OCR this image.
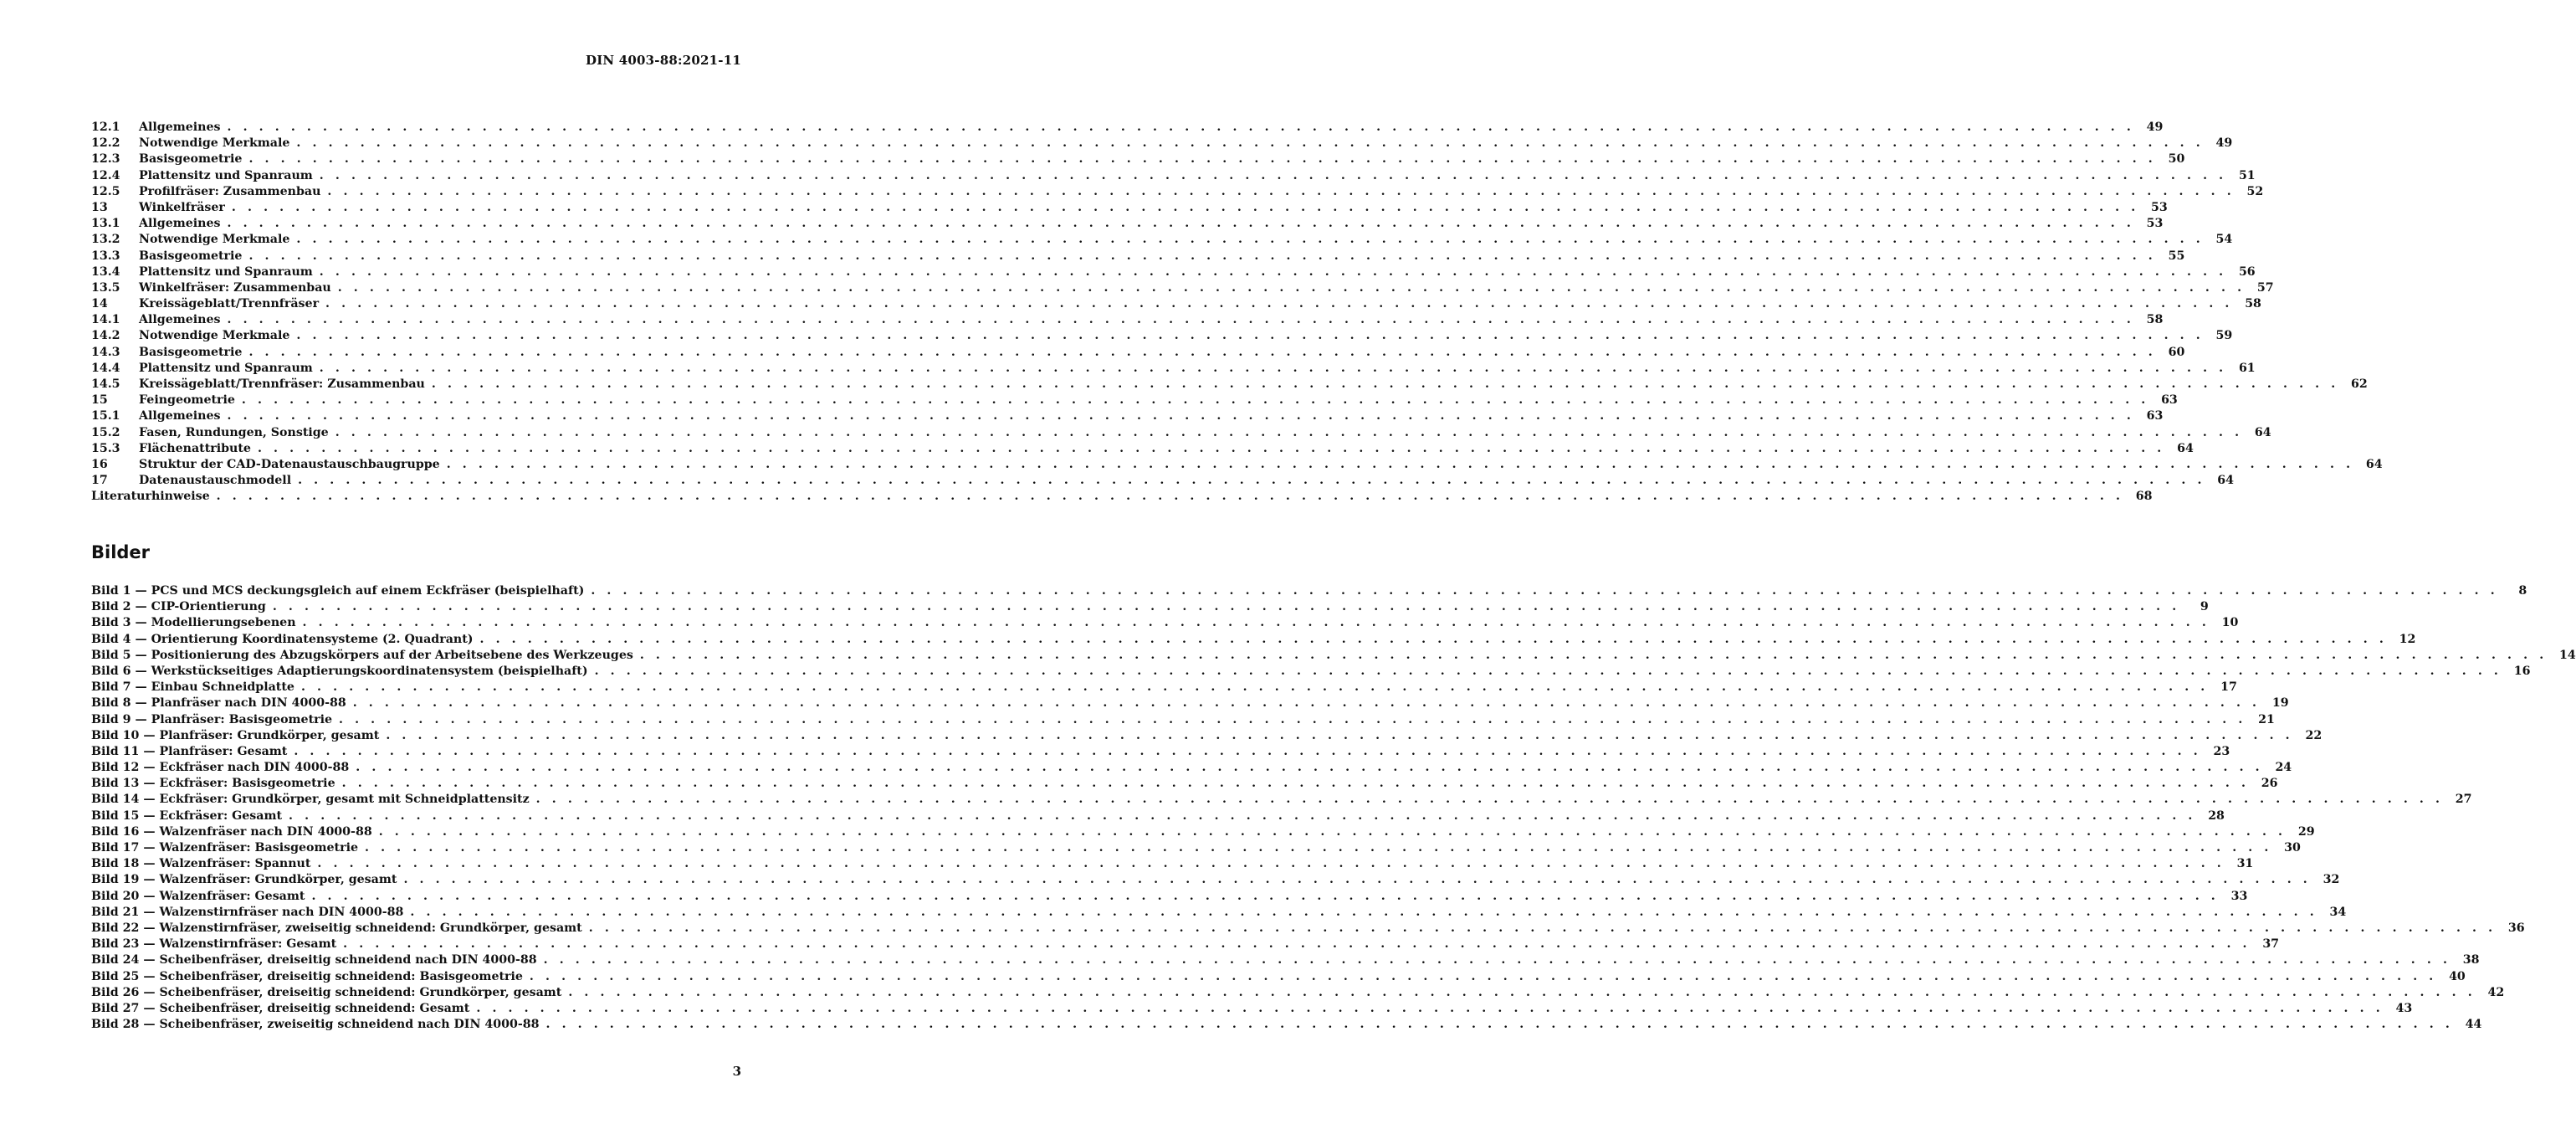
DIN 4003-88:2021-11
12.1	Allgemeines . . . . . . . . . . . . . . . . . . . . . . . . . . . . . . . . . . . . . . . . . . . . . . . . . . . . . . . . . . . . . . . . . . . . . . . . . . . . . . . . . . . . . . . . . . . . . . . . . . . . . . . . . . . . . . . . . . . . . . . . 49
12.2	Notwendige Merkmale . . . . . . . . . . . . . . . . . . . . . . . . . . . . . . . . . . . . . . . . . . . . . . . . . . . . . . . . . . . . . . . . . . . . . . . . . . . . . . . . . . . . . . . . . . . . . . . . . . . . . . . . . . . . . . . . . . . . . . . . 49
12.3	Basisgeometrie . . . . . . . . . . . . . . . . . . . . . . . . . . . . . . . . . . . . . . . . . . . . . . . . . . . . . . . . . . . . . . . . . . . . . . . . . . . . . . . . . . . . . . . . . . . . . . . . . . . . . . . . . . . . . . . . . . . . . . . . 50
12.4	Plattensitz und Spanraum . . . . . . . . . . . . . . . . . . . . . . . . . . . . . . . . . . . . . . . . . . . . . . . . . . . . . . . . . . . . . . . . . . . . . . . . . . . . . . . . . . . . . . . . . . . . . . . . . . . . . . . . . . . . . . . . . . . . . . . . 51
12.5	Profilfräser: Zusammenbau . . . . . . . . . . . . . . . . . . . . . . . . . . . . . . . . . . . . . . . . . . . . . . . . . . . . . . . . . . . . . . . . . . . . . . . . . . . . . . . . . . . . . . . . . . . . . . . . . . . . . . . . . . . . . . . . . . . . . . . . 52
13	Winkelfräser . . . . . . . . . . . . . . . . . . . . . . . . . . . . . . . . . . . . . . . . . . . . . . . . . . . . . . . . . . . . . . . . . . . . . . . . . . . . . . . . . . . . . . . . . . . . . . . . . . . . . . . . . . . . . . . . . . . . . . . . 53
13.1	Allgemeines . . . . . . . . . . . . . . . . . . . . . . . . . . . . . . . . . . . . . . . . . . . . . . . . . . . . . . . . . . . . . . . . . . . . . . . . . . . . . . . . . . . . . . . . . . . . . . . . . . . . . . . . . . . . . . . . . . . . . . . . 53
13.2	Notwendige Merkmale . . . . . . . . . . . . . . . . . . . . . . . . . . . . . . . . . . . . . . . . . . . . . . . . . . . . . . . . . . . . . . . . . . . . . . . . . . . . . . . . . . . . . . . . . . . . . . . . . . . . . . . . . . . . . . . . . . . . . . . . 54
13.3	Basisgeometrie . . . . . . . . . . . . . . . . . . . . . . . . . . . . . . . . . . . . . . . . . . . . . . . . . . . . . . . . . . . . . . . . . . . . . . . . . . . . . . . . . . . . . . . . . . . . . . . . . . . . . . . . . . . . . . . . . . . . . . . . 55
13.4	Plattensitz und Spanraum . . . . . . . . . . . . . . . . . . . . . . . . . . . . . . . . . . . . . . . . . . . . . . . . . . . . . . . . . . . . . . . . . . . . . . . . . . . . . . . . . . . . . . . . . . . . . . . . . . . . . . . . . . . . . . . . . . . . . . . . 56
13.5	Winkelfräser: Zusammenbau . . . . . . . . . . . . . . . . . . . . . . . . . . . . . . . . . . . . . . . . . . . . . . . . . . . . . . . . . . . . . . . . . . . . . . . . . . . . . . . . . . . . . . . . . . . . . . . . . . . . . . . . . . . . . . . . . . . . . . . . 57
14	Kreissägeblatt/Trennfräser . . . . . . . . . . . . . . . . . . . . . . . . . . . . . . . . . . . . . . . . . . . . . . . . . . . . . . . . . . . . . . . . . . . . . . . . . . . . . . . . . . . . . . . . . . . . . . . . . . . . . . . . . . . . . . . . . . . . . . . . 58
14.1	Allgemeines . . . . . . . . . . . . . . . . . . . . . . . . . . . . . . . . . . . . . . . . . . . . . . . . . . . . . . . . . . . . . . . . . . . . . . . . . . . . . . . . . . . . . . . . . . . . . . . . . . . . . . . . . . . . . . . . . . . . . . . . 58
14.2	Notwendige Merkmale . . . . . . . . . . . . . . . . . . . . . . . . . . . . . . . . . . . . . . . . . . . . . . . . . . . . . . . . . . . . . . . . . . . . . . . . . . . . . . . . . . . . . . . . . . . . . . . . . . . . . . . . . . . . . . . . . . . . . . . . 59
14.3	Basisgeometrie . . . . . . . . . . . . . . . . . . . . . . . . . . . . . . . . . . . . . . . . . . . . . . . . . . . . . . . . . . . . . . . . . . . . . . . . . . . . . . . . . . . . . . . . . . . . . . . . . . . . . . . . . . . . . . . . . . . . . . . . 60
14.4	Plattensitz und Spanraum . . . . . . . . . . . . . . . . . . . . . . . . . . . . . . . . . . . . . . . . . . . . . . . . . . . . . . . . . . . . . . . . . . . . . . . . . . . . . . . . . . . . . . . . . . . . . . . . . . . . . . . . . . . . . . . . . . . . . . . . 61
14.5	Kreissägeblatt/Trennfräser: Zusammenbau . . . . . . . . . . . . . . . . . . . . . . . . . . . . . . . . . . . . . . . . . . . . . . . . . . . . . . . . . . . . . . . . . . . . . . . . . . . . . . . . . . . . . . . . . . . . . . . . . . . . . . . . . . . . . . . . . . . . . . . . 62
15	Feingeometrie . . . . . . . . . . . . . . . . . . . . . . . . . . . . . . . . . . . . . . . . . . . . . . . . . . . . . . . . . . . . . . . . . . . . . . . . . . . . . . . . . . . . . . . . . . . . . . . . . . . . . . . . . . . . . . . . . . . . . . . . 63
15.1	Allgemeines . . . . . . . . . . . . . . . . . . . . . . . . . . . . . . . . . . . . . . . . . . . . . . . . . . . . . . . . . . . . . . . . . . . . . . . . . . . . . . . . . . . . . . . . . . . . . . . . . . . . . . . . . . . . . . . . . . . . . . . . 63
15.2	Fasen, Rundungen, Sonstige . . . . . . . . . . . . . . . . . . . . . . . . . . . . . . . . . . . . . . . . . . . . . . . . . . . . . . . . . . . . . . . . . . . . . . . . . . . . . . . . . . . . . . . . . . . . . . . . . . . . . . . . . . . . . . . . . . . . . . . . 64
15.3	Flächenattribute . . . . . . . . . . . . . . . . . . . . . . . . . . . . . . . . . . . . . . . . . . . . . . . . . . . . . . . . . . . . . . . . . . . . . . . . . . . . . . . . . . . . . . . . . . . . . . . . . . . . . . . . . . . . . . . . . . . . . . . . 64
16	Struktur der CAD-Datenaustauschbaugruppe . . . . . . . . . . . . . . . . . . . . . . . . . . . . . . . . . . . . . . . . . . . . . . . . . . . . . . . . . . . . . . . . . . . . . . . . . . . . . . . . . . . . . . . . . . . . . . . . . . . . . . . . . . . . . . . . . . . . . . . . 64
17	Datenaustauschmodell . . . . . . . . . . . . . . . . . . . . . . . . . . . . . . . . . . . . . . . . . . . . . . . . . . . . . . . . . . . . . . . . . . . . . . . . . . . . . . . . . . . . . . . . . . . . . . . . . . . . . . . . . . . . . . . . . . . . . . . . 64
Literaturhinweise . . . . . . . . . . . . . . . . . . . . . . . . . . . . . . . . . . . . . . . . . . . . . . . . . . . . . . . . . . . . . . . . . . . . . . . . . . . . . . . . . . . . . . . . . . . . . . . . . . . . . . . . . . . . . . . . . . . . . . . . 68
Bilder
Bild 1 — PCS und MCS deckungsgleich auf einem Eckfräser (beispielhaft) . . . . . . . . . . . . . . . . . . . . . . . . . . . . . . . . . . . . . . . . . . . . . . . . . . . . . . . . . . . . . . . . . . . . . . . . . . . . . . . . . . . . . . . . . . . . . . . . . . . . . . . . . . . . . . . . . . . . . . . .	8
Bild 2 — CIP-Orientierung . . . . . . . . . . . . . . . . . . . . . . . . . . . . . . . . . . . . . . . . . . . . . . . . . . . . . . . . . . . . . . . . . . . . . . . . . . . . . . . . . . . . . . . . . . . . . . . . . . . . . . . . . . . . . . . . . . . . . . . .	9
Bild 3 — Modellierungsebenen . . . . . . . . . . . . . . . . . . . . . . . . . . . . . . . . . . . . . . . . . . . . . . . . . . . . . . . . . . . . . . . . . . . . . . . . . . . . . . . . . . . . . . . . . . . . . . . . . . . . . . . . . . . . . . . . . . . . . . . . 10
Bild 4 — Orientierung Koordinatensysteme (2. Quadrant) . . . . . . . . . . . . . . . . . . . . . . . . . . . . . . . . . . . . . . . . . . . . . . . . . . . . . . . . . . . . . . . . . . . . . . . . . . . . . . . . . . . . . . . . . . . . . . . . . . . . . . . . . . . . . . . . . . . . . . . . 12
Bild 5 — Positionierung des Abzugskörpers auf der Arbeitsebene des Werkzeuges . . . . . . . . . . . . . . . . . . . . . . . . . . . . . . . . . . . . . . . . . . . . . . . . . . . . . . . . . . . . . . . . . . . . . . . . . . . . . . . . . . . . . . . . . . . . . . . . . . . . . . . . . . . . . . . . . . . . . . . . 14
Bild 6 — Werkstückseitiges Adaptierungskoordinatensystem (beispielhaft) . . . . . . . . . . . . . . . . . . . . . . . . . . . . . . . . . . . . . . . . . . . . . . . . . . . . . . . . . . . . . . . . . . . . . . . . . . . . . . . . . . . . . . . . . . . . . . . . . . . . . . . . . . . . . . . . . . . . . . . . 16
Bild 7 — Einbau Schneidplatte . . . . . . . . . . . . . . . . . . . . . . . . . . . . . . . . . . . . . . . . . . . . . . . . . . . . . . . . . . . . . . . . . . . . . . . . . . . . . . . . . . . . . . . . . . . . . . . . . . . . . . . . . . . . . . . . . . . . . . . . 17
Bild 8 — Planfräser nach DIN 4000-88 . . . . . . . . . . . . . . . . . . . . . . . . . . . . . . . . . . . . . . . . . . . . . . . . . . . . . . . . . . . . . . . . . . . . . . . . . . . . . . . . . . . . . . . . . . . . . . . . . . . . . . . . . . . . . . . . . . . . . . . . 19
Bild 9 — Planfräser: Basisgeometrie . . . . . . . . . . . . . . . . . . . . . . . . . . . . . . . . . . . . . . . . . . . . . . . . . . . . . . . . . . . . . . . . . . . . . . . . . . . . . . . . . . . . . . . . . . . . . . . . . . . . . . . . . . . . . . . . . . . . . . . . 21
Bild 10 — Planfräser: Grundkörper, gesamt . . . . . . . . . . . . . . . . . . . . . . . . . . . . . . . . . . . . . . . . . . . . . . . . . . . . . . . . . . . . . . . . . . . . . . . . . . . . . . . . . . . . . . . . . . . . . . . . . . . . . . . . . . . . . . . . . . . . . . . . 22
Bild 11 — Planfräser: Gesamt . . . . . . . . . . . . . . . . . . . . . . . . . . . . . . . . . . . . . . . . . . . . . . . . . . . . . . . . . . . . . . . . . . . . . . . . . . . . . . . . . . . . . . . . . . . . . . . . . . . . . . . . . . . . . . . . . . . . . . . . 23
Bild 12 — Eckfräser nach DIN 4000-88 . . . . . . . . . . . . . . . . . . . . . . . . . . . . . . . . . . . . . . . . . . . . . . . . . . . . . . . . . . . . . . . . . . . . . . . . . . . . . . . . . . . . . . . . . . . . . . . . . . . . . . . . . . . . . . . . . . . . . . . . 24
Bild 13 — Eckfräser: Basisgeometrie . . . . . . . . . . . . . . . . . . . . . . . . . . . . . . . . . . . . . . . . . . . . . . . . . . . . . . . . . . . . . . . . . . . . . . . . . . . . . . . . . . . . . . . . . . . . . . . . . . . . . . . . . . . . . . . . . . . . . . . . 26
Bild 14 — Eckfräser: Grundkörper, gesamt mit Schneidplattensitz . . . . . . . . . . . . . . . . . . . . . . . . . . . . . . . . . . . . . . . . . . . . . . . . . . . . . . . . . . . . . . . . . . . . . . . . . . . . . . . . . . . . . . . . . . . . . . . . . . . . . . . . . . . . . . . . . . . . . . . . 27
Bild 15 — Eckfräser: Gesamt . . . . . . . . . . . . . . . . . . . . . . . . . . . . . . . . . . . . . . . . . . . . . . . . . . . . . . . . . . . . . . . . . . . . . . . . . . . . . . . . . . . . . . . . . . . . . . . . . . . . . . . . . . . . . . . . . . . . . . . . 28
Bild 16 — Walzenfräser nach DIN 4000-88 . . . . . . . . . . . . . . . . . . . . . . . . . . . . . . . . . . . . . . . . . . . . . . . . . . . . . . . . . . . . . . . . . . . . . . . . . . . . . . . . . . . . . . . . . . . . . . . . . . . . . . . . . . . . . . . . . . . . . . . . 29
Bild 17 — Walzenfräser: Basisgeometrie . . . . . . . . . . . . . . . . . . . . . . . . . . . . . . . . . . . . . . . . . . . . . . . . . . . . . . . . . . . . . . . . . . . . . . . . . . . . . . . . . . . . . . . . . . . . . . . . . . . . . . . . . . . . . . . . . . . . . . . . 30
Bild 18 — Walzenfräser: Spannut . . . . . . . . . . . . . . . . . . . . . . . . . . . . . . . . . . . . . . . . . . . . . . . . . . . . . . . . . . . . . . . . . . . . . . . . . . . . . . . . . . . . . . . . . . . . . . . . . . . . . . . . . . . . . . . . . . . . . . . . 31
Bild 19 — Walzenfräser: Grundkörper, gesamt . . . . . . . . . . . . . . . . . . . . . . . . . . . . . . . . . . . . . . . . . . . . . . . . . . . . . . . . . . . . . . . . . . . . . . . . . . . . . . . . . . . . . . . . . . . . . . . . . . . . . . . . . . . . . . . . . . . . . . . . 32
Bild 20 — Walzenfräser: Gesamt . . . . . . . . . . . . . . . . . . . . . . . . . . . . . . . . . . . . . . . . . . . . . . . . . . . . . . . . . . . . . . . . . . . . . . . . . . . . . . . . . . . . . . . . . . . . . . . . . . . . . . . . . . . . . . . . . . . . . . . . 33
Bild 21 — Walzenstirnfräser nach DIN 4000-88 . . . . . . . . . . . . . . . . . . . . . . . . . . . . . . . . . . . . . . . . . . . . . . . . . . . . . . . . . . . . . . . . . . . . . . . . . . . . . . . . . . . . . . . . . . . . . . . . . . . . . . . . . . . . . . . . . . . . . . . . 34
Bild 22 — Walzenstirnfräser, zweiseitig schneidend: Grundkörper, gesamt . . . . . . . . . . . . . . . . . . . . . . . . . . . . . . . . . . . . . . . . . . . . . . . . . . . . . . . . . . . . . . . . . . . . . . . . . . . . . . . . . . . . . . . . . . . . . . . . . . . . . . . . . . . . . . . . . . . . . . . . 36
Bild 23 — Walzenstirnfräser: Gesamt . . . . . . . . . . . . . . . . . . . . . . . . . . . . . . . . . . . . . . . . . . . . . . . . . . . . . . . . . . . . . . . . . . . . . . . . . . . . . . . . . . . . . . . . . . . . . . . . . . . . . . . . . . . . . . . . . . . . . . . . 37
Bild 24 — Scheibenfräser, dreiseitig schneidend nach DIN 4000-88 . . . . . . . . . . . . . . . . . . . . . . . . . . . . . . . . . . . . . . . . . . . . . . . . . . . . . . . . . . . . . . . . . . . . . . . . . . . . . . . . . . . . . . . . . . . . . . . . . . . . . . . . . . . . . . . . . . . . . . . . 38
Bild 25 — Scheibenfräser, dreiseitig schneidend: Basisgeometrie . . . . . . . . . . . . . . . . . . . . . . . . . . . . . . . . . . . . . . . . . . . . . . . . . . . . . . . . . . . . . . . . . . . . . . . . . . . . . . . . . . . . . . . . . . . . . . . . . . . . . . . . . . . . . . . . . . . . . . . . 40
Bild 26 — Scheibenfräser, dreiseitig schneidend: Grundkörper, gesamt . . . . . . . . . . . . . . . . . . . . . . . . . . . . . . . . . . . . . . . . . . . . . . . . . . . . . . . . . . . . . . . . . . . . . . . . . . . . . . . . . . . . . . . . . . . . . . . . . . . . . . . . . . . . . . . . . . . . . . . . 42
Bild 27 — Scheibenfräser, dreiseitig schneidend: Gesamt . . . . . . . . . . . . . . . . . . . . . . . . . . . . . . . . . . . . . . . . . . . . . . . . . . . . . . . . . . . . . . . . . . . . . . . . . . . . . . . . . . . . . . . . . . . . . . . . . . . . . . . . . . . . . . . . . . . . . . . . 43
Bild 28 — Scheibenfräser, zweiseitig schneidend nach DIN 4000-88 . . . . . . . . . . . . . . . . . . . . . . . . . . . . . . . . . . . . . . . . . . . . . . . . . . . . . . . . . . . . . . . . . . . . . . . . . . . . . . . . . . . . . . . . . . . . . . . . . . . . . . . . . . . . . . . . . . . . . . . . 44
3
